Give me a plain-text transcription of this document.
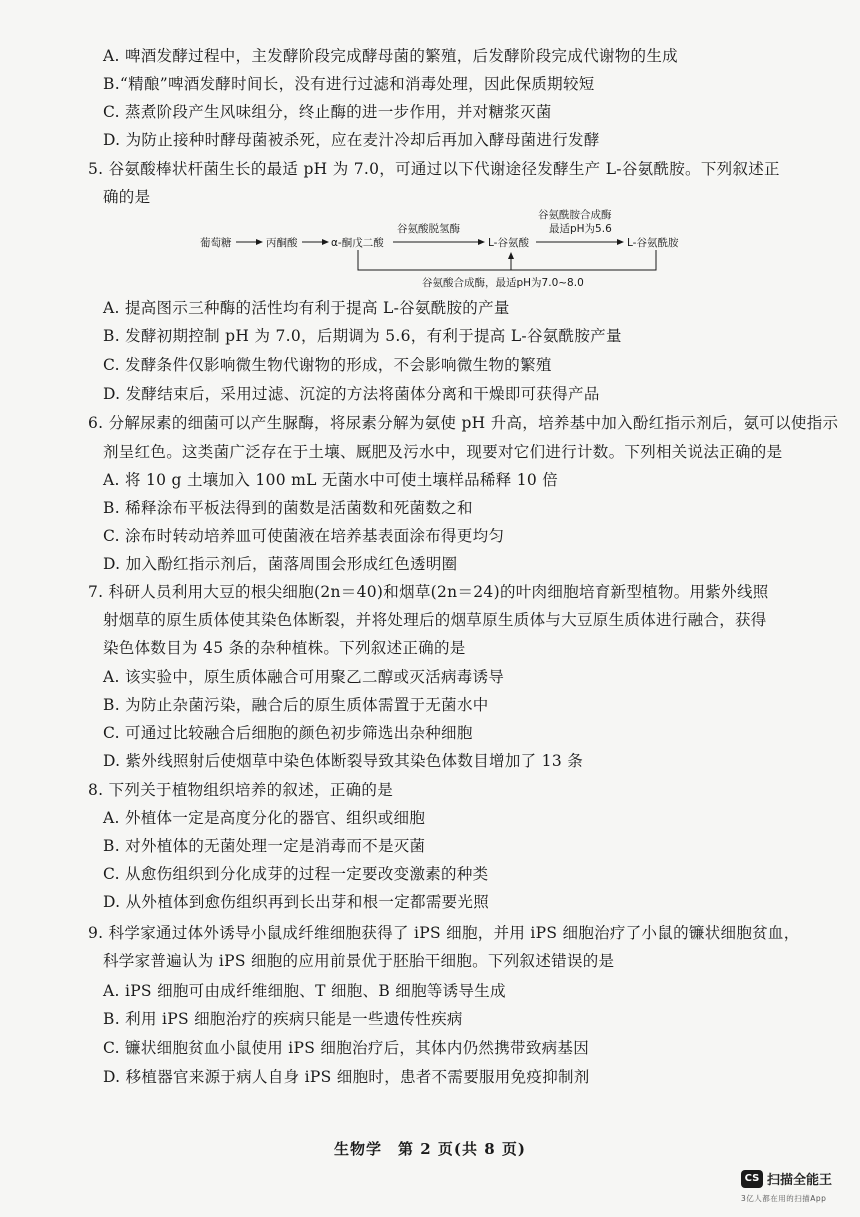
A. 啤酒发酵过程中，主发酵阶段完成酵母菌的繁殖，后发酵阶段完成代谢物的生成
B.“精酿”啤酒发酵时间长，没有进行过滤和消毒处理，因此保质期较短
C. 蒸煮阶段产生风味组分，终止酶的进一步作用，并对糖浆灭菌
D. 为防止接种时酵母菌被杀死，应在麦汁冷却后再加入酵母菌进行发酵
5. 谷氨酸棒状杆菌生长的最适 pH 为 7.0，可通过以下代谢途径发酵生产 L-谷氨酰胺。下列叙述正
确的是
葡萄糖	丙酮酸	α-酮戊二酸
谷氨酸脱氢酶
L-谷氨酸
谷氨酰胺合成酶
最适pH为5.6
L-谷氨酰胺
谷氨酸合成酶，最适pH为7.0~8.0
A. 提高图示三种酶的活性均有利于提高 L-谷氨酰胺的产量
B. 发酵初期控制 pH 为 7.0，后期调为 5.6，有利于提高 L-谷氨酰胺产量
C. 发酵条件仅影响微生物代谢物的形成，不会影响微生物的繁殖
D. 发酵结束后，采用过滤、沉淀的方法将菌体分离和干燥即可获得产品
6. 分解尿素的细菌可以产生脲酶，将尿素分解为氨使 pH 升高，培养基中加入酚红指示剂后，氨可以使指示
剂呈红色。这类菌广泛存在于土壤、厩肥及污水中，现要对它们进行计数。下列相关说法正确的是
A. 将 10 g 土壤加入 100 mL 无菌水中可使土壤样品稀释 10 倍
B. 稀释涂布平板法得到的菌数是活菌数和死菌数之和
C. 涂布时转动培养皿可使菌液在培养基表面涂布得更均匀
D. 加入酚红指示剂后，菌落周围会形成红色透明圈
7. 科研人员利用大豆的根尖细胞(2n＝40)和烟草(2n＝24)的叶肉细胞培育新型植物。用紫外线照
射烟草的原生质体使其染色体断裂，并将处理后的烟草原生质体与大豆原生质体进行融合，获得
染色体数目为 45 条的杂种植株。下列叙述正确的是
A. 该实验中，原生质体融合可用聚乙二醇或灭活病毒诱导
B. 为防止杂菌污染，融合后的原生质体需置于无菌水中
C. 可通过比较融合后细胞的颜色初步筛选出杂种细胞
D. 紫外线照射后使烟草中染色体断裂导致其染色体数目增加了 13 条
8. 下列关于植物组织培养的叙述，正确的是
A. 外植体一定是高度分化的器官、组织或细胞
B. 对外植体的无菌处理一定是消毒而不是灭菌
C. 从愈伤组织到分化成芽的过程一定要改变激素的种类
D. 从外植体到愈伤组织再到长出芽和根一定都需要光照
9. 科学家通过体外诱导小鼠成纤维细胞获得了 iPS 细胞，并用 iPS 细胞治疗了小鼠的镰状细胞贫血，
科学家普遍认为 iPS 细胞的应用前景优于胚胎干细胞。下列叙述错误的是
A. iPS 细胞可由成纤维细胞、T 细胞、B 细胞等诱导生成
B. 利用 iPS 细胞治疗的疾病只能是一些遗传性疾病
C. 镰状细胞贫血小鼠使用 iPS 细胞治疗后，其体内仍然携带致病基因
D. 移植器官来源于病人自身 iPS 细胞时，患者不需要服用免疫抑制剂
生物学　第 2 页(共 8 页)
CS 扫描全能王
3亿人都在用的扫描App
